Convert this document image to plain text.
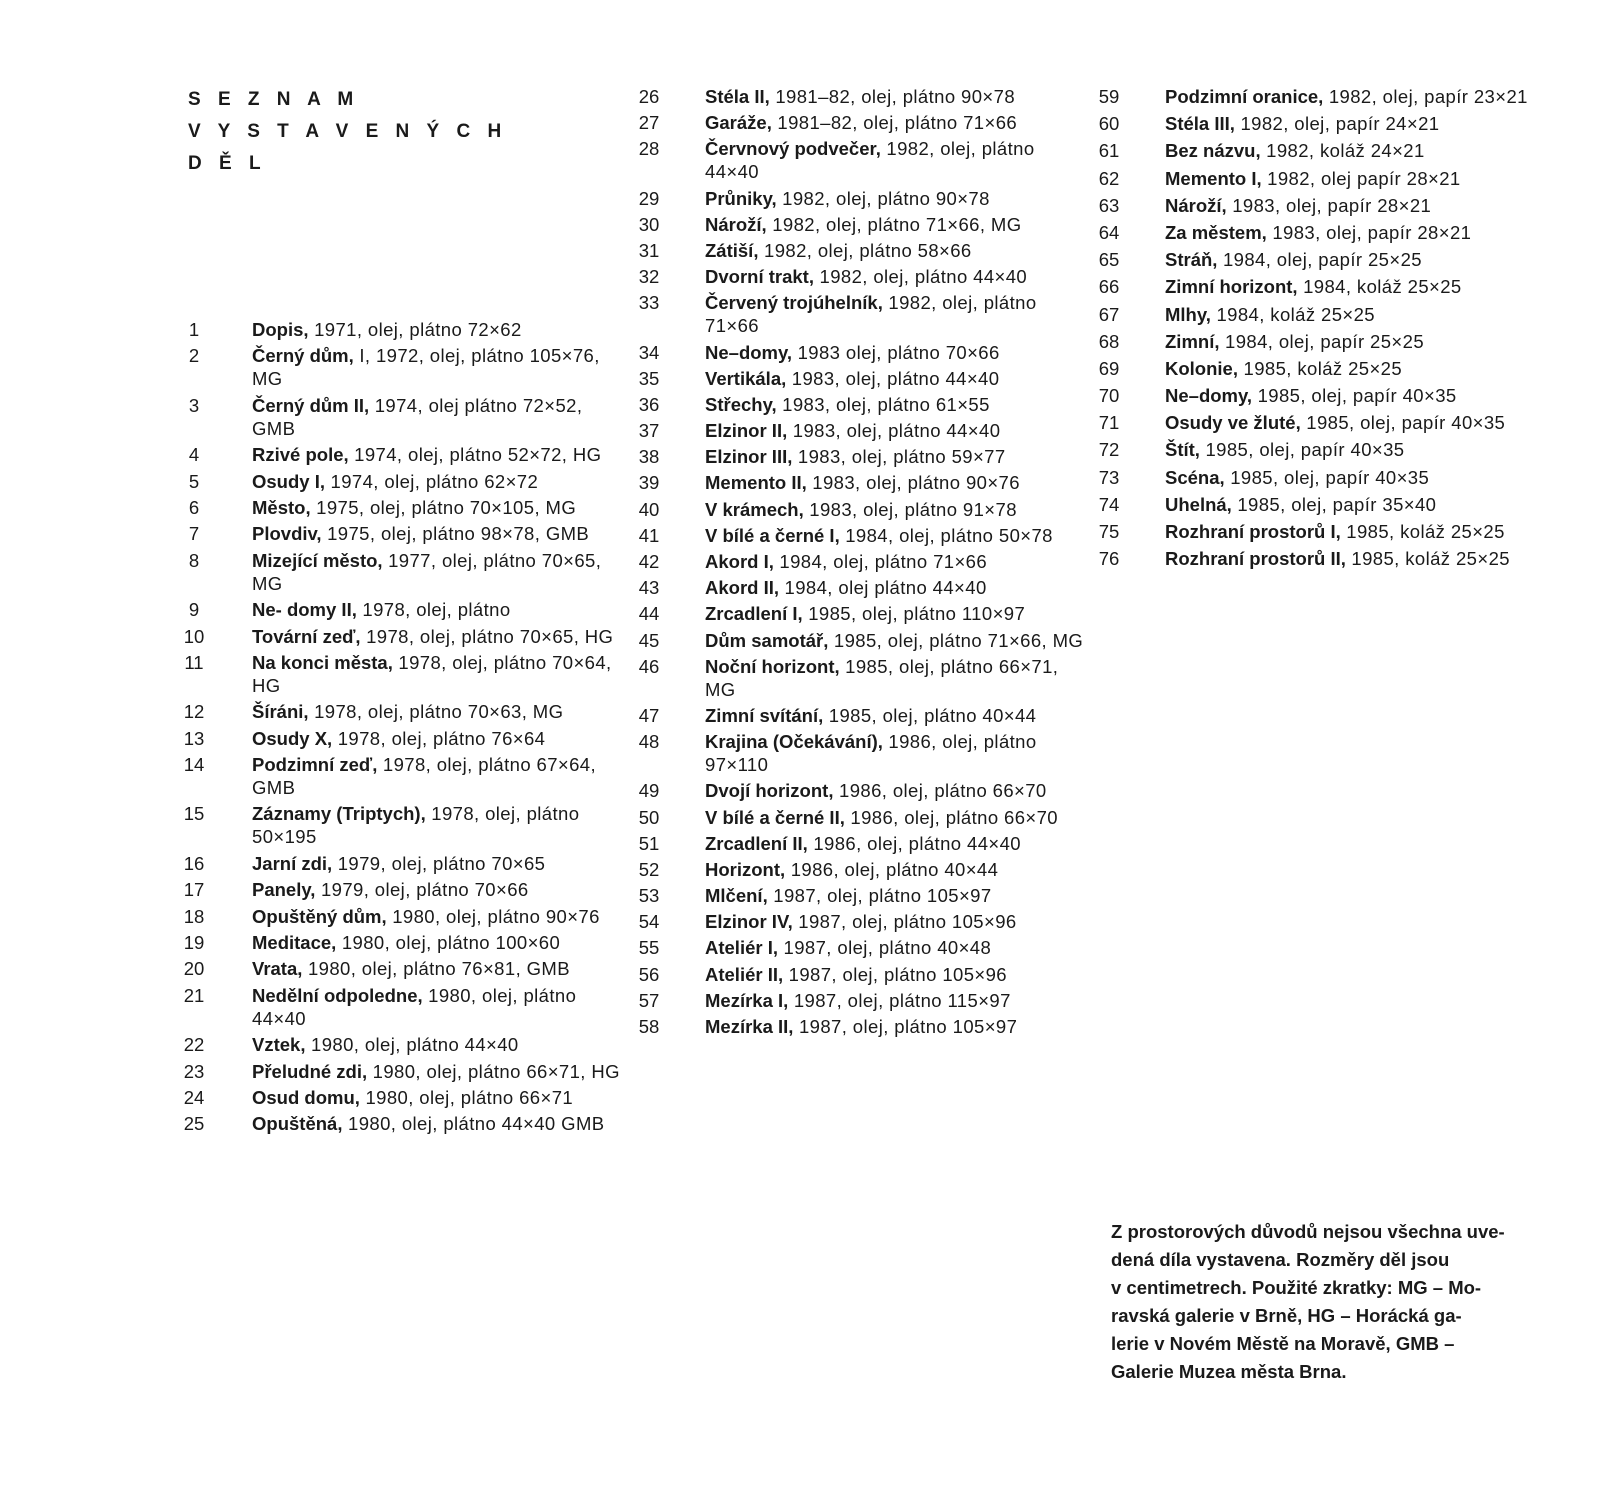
S E Z N A M
V Y S T A V E N Ý C H
D Ě L
1	Dopis, 1971, olej, plátno 72×62
2	Černý dům, I, 1972, olej, plátno 105×76, MG
3	Černý dům II, 1974, olej plátno 72×52, GMB
4	Rzivé pole, 1974, olej, plátno 52×72, HG
5	Osudy I, 1974, olej, plátno 62×72
6	Město, 1975, olej, plátno 70×105, MG
7	Plovdiv, 1975, olej, plátno 98×78, GMB
8	Mizející město, 1977, olej, plátno 70×65, MG
9	Ne- domy II, 1978, olej, plátno
10	Tovární zeď, 1978, olej, plátno 70×65, HG
11	Na konci města, 1978, olej, plátno 70×64, HG
12	Šíráni, 1978, olej, plátno 70×63, MG
13	Osudy X, 1978, olej, plátno 76×64
14	Podzimní zeď, 1978, olej, plátno 67×64, GMB
15	Záznamy (Triptych), 1978, olej, plátno 50×195
16	Jarní zdi, 1979, olej, plátno 70×65
17	Panely, 1979, olej, plátno 70×66
18	Opuštěný dům, 1980, olej, plátno 90×76
19	Meditace, 1980, olej, plátno 100×60
20	Vrata, 1980, olej, plátno 76×81, GMB
21	Nedělní odpoledne, 1980, olej, plátno 44×40
22	Vztek, 1980, olej, plátno 44×40
23	Přeludné zdi, 1980, olej, plátno 66×71, HG
24	Osud domu, 1980, olej, plátno 66×71
25	Opuštěná, 1980, olej, plátno 44×40 GMB
26 Stéla II, 1981–82, olej, plátno 90×78
27 Garáže, 1981–82, olej, plátno 71×66
28 Červnový podvečer, 1982, olej, plátno 44×40
29 Průniky, 1982, olej, plátno 90×78
30 Nároží, 1982, olej, plátno 71×66, MG
31 Zátiší, 1982, olej, plátno 58×66
32 Dvorní trakt, 1982, olej, plátno 44×40
33 Červený trojúhelník, 1982, olej, plátno 71×66
34 Ne–domy, 1983 olej, plátno 70×66
35 Vertikála, 1983, olej, plátno 44×40
36 Střechy, 1983, olej, plátno 61×55
37 Elzinor II, 1983, olej, plátno 44×40
38 Elzinor III, 1983, olej, plátno 59×77
39 Memento II, 1983, olej, plátno 90×76
40 V krámech, 1983, olej, plátno 91×78
41 V bílé a černé I, 1984, olej, plátno 50×78
42 Akord I, 1984, olej, plátno 71×66
43 Akord II, 1984, olej plátno 44×40
44 Zrcadlení I, 1985, olej, plátno 110×97
45 Dům samotář, 1985, olej, plátno 71×66, MG
46 Noční horizont, 1985, olej, plátno 66×71, MG
47 Zimní svítání, 1985, olej, plátno 40×44
48 Krajina (Očekávání), 1986, olej, plátno 97×110
49 Dvojí horizont, 1986, olej, plátno 66×70
50 V bílé a černé II, 1986, olej, plátno 66×70
51 Zrcadlení II, 1986, olej, plátno 44×40
52 Horizont, 1986, olej, plátno 40×44
53 Mlčení, 1987, olej, plátno 105×97
54 Elzinor IV, 1987, olej, plátno 105×96
55 Ateliér I, 1987, olej, plátno 40×48
56 Ateliér II, 1987, olej, plátno 105×96
57 Mezírka I, 1987, olej, plátno 115×97
58 Mezírka II, 1987, olej, plátno 105×97
59 Podzimní oranice, 1982, olej, papír 23×21
60 Stéla III, 1982, olej, papír 24×21
61 Bez názvu, 1982, koláž 24×21
62 Memento I, 1982, olej papír 28×21
63 Nároží, 1983, olej, papír 28×21
64 Za městem, 1983, olej, papír 28×21
65 Stráň, 1984, olej, papír 25×25
66 Zimní horizont, 1984, koláž 25×25
67 Mlhy, 1984, koláž 25×25
68 Zimní, 1984, olej, papír 25×25
69 Kolonie, 1985, koláž 25×25
70 Ne–domy, 1985, olej, papír 40×35
71 Osudy ve žluté, 1985, olej, papír 40×35
72 Štít, 1985, olej, papír 40×35
73 Scéna, 1985, olej, papír 40×35
74 Uhelná, 1985, olej, papír 35×40
75 Rozhraní prostorů I, 1985, koláž 25×25
76 Rozhraní prostorů II, 1985, koláž 25×25
Z prostorových důvodů nejsou všechna uve-
dená díla vystavena. Rozměry děl jsou
v centimetrech. Použité zkratky: MG – Mo-
ravská galerie v Brně, HG – Horácká ga-
lerie v Novém Městě na Moravě, GMB –
Galerie Muzea města Brna.
